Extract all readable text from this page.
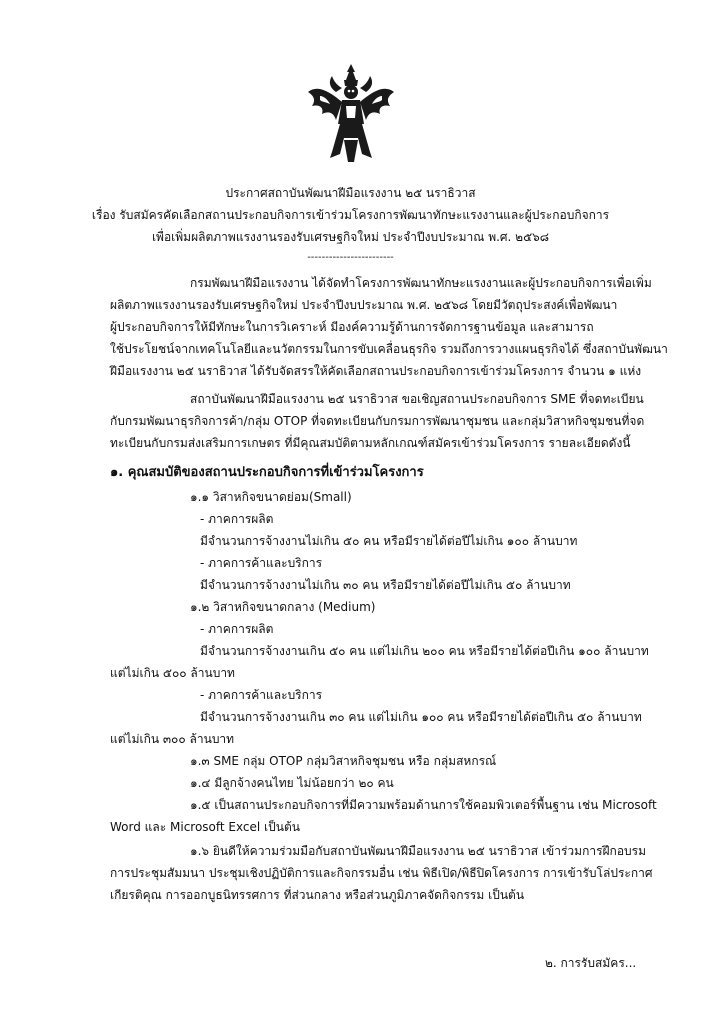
ประกาศสถาบันพัฒนาฝีมือแรงงาน ๒๕ นราธิวาส
เรื่อง รับสมัครคัดเลือกสถานประกอบกิจการเข้าร่วมโครงการพัฒนาทักษะแรงงานและผู้ประกอบกิจการ
เพื่อเพิ่มผลิตภาพแรงงานรองรับเศรษฐกิจใหม่ ประจำปีงบประมาณ พ.ศ. ๒๕๖๘
------------------------
กรมพัฒนาฝีมือแรงงาน ได้จัดทำโครงการพัฒนาทักษะแรงงานและผู้ประกอบกิจการเพื่อเพิ่ม
ผลิตภาพแรงงานรองรับเศรษฐกิจใหม่ ประจำปีงบประมาณ พ.ศ. ๒๕๖๘ โดยมีวัตถุประสงค์เพื่อพัฒนา
ผู้ประกอบกิจการให้มีทักษะในการวิเคราะห์ มีองค์ความรู้ด้านการจัดการฐานข้อมูล และสามารถ
ใช้ประโยชน์จากเทคโนโลยีและนวัตกรรมในการขับเคลื่อนธุรกิจ รวมถึงการวางแผนธุรกิจได้ ซึ่งสถาบันพัฒนา
ฝีมือแรงงาน ๒๕ นราธิวาส ได้รับจัดสรรให้คัดเลือกสถานประกอบกิจการเข้าร่วมโครงการ จำนวน ๑ แห่ง
สถาบันพัฒนาฝีมือแรงงาน ๒๕ นราธิวาส ขอเชิญสถานประกอบกิจการ SME ที่จดทะเบียน
กับกรมพัฒนาธุรกิจการค้า/กลุ่ม OTOP ที่จดทะเบียนกับกรมการพัฒนาชุมชน และกลุ่มวิสาหกิจชุมชนที่จด
ทะเบียนกับกรมส่งเสริมการเกษตร ที่มีคุณสมบัติตามหลักเกณฑ์สมัครเข้าร่วมโครงการ รายละเอียดดังนี้
๑. คุณสมบัติของสถานประกอบกิจการที่เข้าร่วมโครงการ
๑.๑ วิสาหกิจขนาดย่อม(Small)
- ภาคการผลิต
มีจำนวนการจ้างงานไม่เกิน ๕๐ คน หรือมีรายได้ต่อปีไม่เกิน ๑๐๐ ล้านบาท
- ภาคการค้าและบริการ
มีจำนวนการจ้างงานไม่เกิน ๓๐ คน หรือมีรายได้ต่อปีไม่เกิน ๕๐ ล้านบาท
๑.๒ วิสาหกิจขนาดกลาง (Medium)
- ภาคการผลิต
มีจำนวนการจ้างงานเกิน ๕๐ คน แต่ไม่เกิน ๒๐๐ คน หรือมีรายได้ต่อปีเกิน ๑๐๐ ล้านบาท
แต่ไม่เกิน ๕๐๐ ล้านบาท
- ภาคการค้าและบริการ
มีจำนวนการจ้างงานเกิน ๓๐ คน แต่ไม่เกิน ๑๐๐ คน หรือมีรายได้ต่อปีเกิน ๕๐ ล้านบาท
แต่ไม่เกิน ๓๐๐ ล้านบาท
๑.๓ SME กลุ่ม OTOP กลุ่มวิสาหกิจชุมชน หรือ กลุ่มสหกรณ์
๑.๔ มีลูกจ้างคนไทย ไม่น้อยกว่า ๒๐ คน
๑.๕ เป็นสถานประกอบกิจการที่มีความพร้อมด้านการใช้คอมพิวเตอร์พื้นฐาน เช่น Microsoft
Word และ Microsoft Excel เป็นต้น
๑.๖ ยินดีให้ความร่วมมือกับสถาบันพัฒนาฝีมือแรงงาน ๒๕ นราธิวาส เข้าร่วมการฝึกอบรม
การประชุมสัมมนา ประชุมเชิงปฏิบัติการและกิจกรรมอื่น เช่น พิธีเปิด/พิธีปิดโครงการ การเข้ารับโล่ประกาศ
เกียรติคุณ การออกบูธนิทรรศการ ที่ส่วนกลาง หรือส่วนภูมิภาคจัดกิจกรรม เป็นต้น
๒. การรับสมัคร...
